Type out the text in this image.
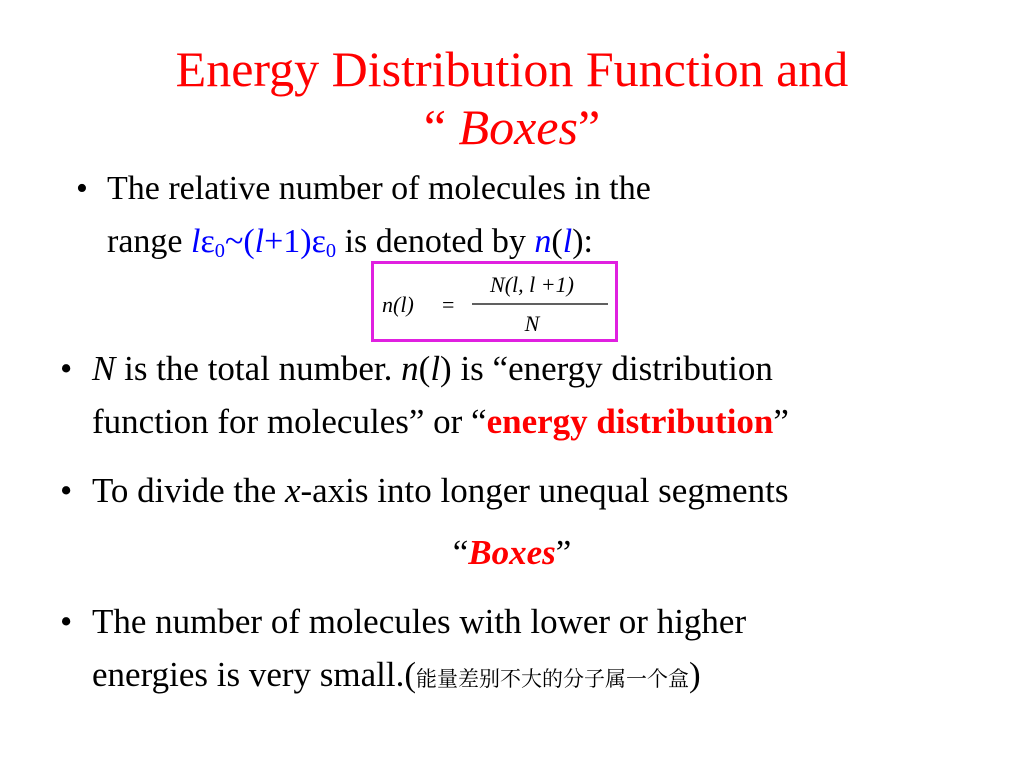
Energy Distribution Function and
“ Boxes”
• The relative number of molecules in the
range $l\varepsilon_0\sim(l+1)\varepsilon_0$ is denoted by n(l):
n(l) =
N(l, l +1)
N
• N is the total number. n(l) is “energy distribution
function for molecules” or “energy distribution”
• To divide the x-axis into longer unequal segments
“Boxes”
• The number of molecules with lower or higher
energies is very small.(能量差别不大的分子属一个盒)
